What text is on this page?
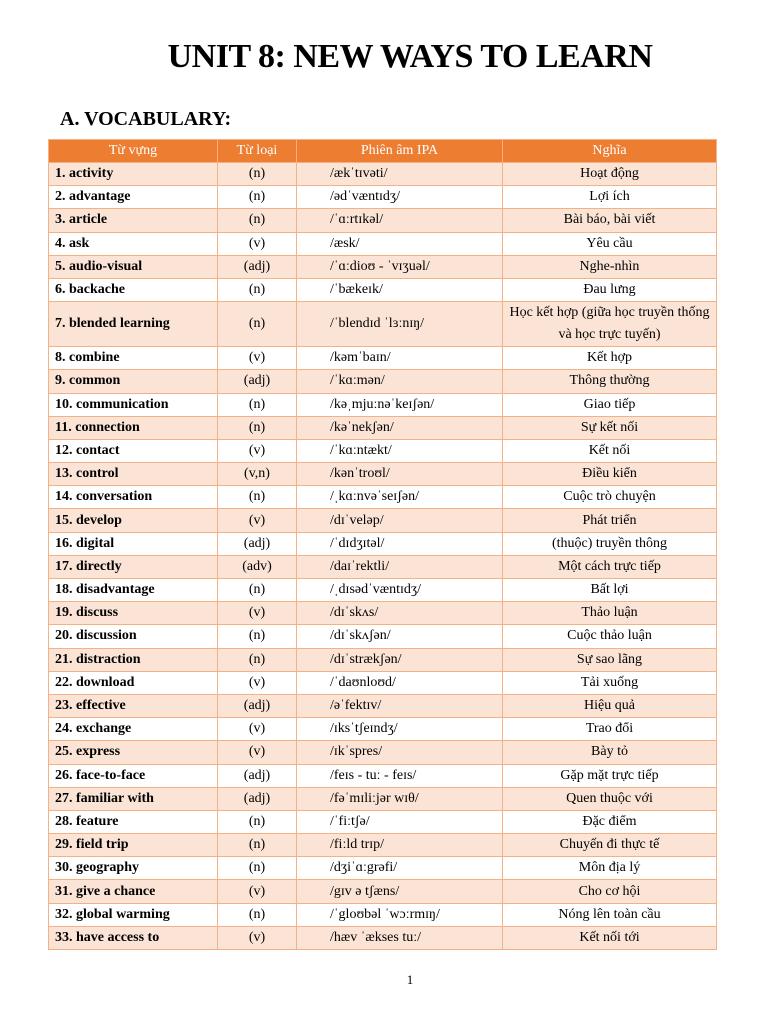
UNIT 8: NEW WAYS TO LEARN
A. VOCABULARY:
Từ vựng	Từ loại	Phiên âm IPA	Nghĩa
1. activity	(n)	/ækˈtɪvəti/	Hoạt động
2. advantage	(n)	/ədˈvæntɪdʒ/	Lợi ích
3. article	(n)	/ˈɑːrtɪkəl/	Bài báo, bài viết
4. ask	(v)	/æsk/	Yêu cầu
5. audio-visual	(adj)	/ˈɑːdioʊ - ˈvɪʒuəl/	Nghe-nhìn
6. backache	(n)	/ˈbækeɪk/	Đau lưng
7. blended learning	(n)	/ˈblendɪd ˈlɜːnɪŋ/	Học kết hợp (giữa học truyền thống và học trực tuyến)
8. combine	(v)	/kəmˈbaɪn/	Kết hợp
9. common	(adj)	/ˈkɑːmən/	Thông thường
10. communication	(n)	/kəˌmjuːnəˈkeɪʃən/	Giao tiếp
11. connection	(n)	/kəˈnekʃən/	Sự kết nối
12. contact	(v)	/ˈkɑːntækt/	Kết nối
13. control	(v,n)	/kənˈtroʊl/	Điều kiển
14. conversation	(n)	/ˌkɑːnvəˈseɪʃən/	Cuộc trò chuyện
15. develop	(v)	/dɪˈveləp/	Phát triển
16. digital	(adj)	/ˈdɪdʒɪtəl/	(thuộc) truyền thông
17. directly	(adv)	/daɪˈrektli/	Một cách trực tiếp
18. disadvantage	(n)	/ˌdɪsədˈvæntɪdʒ/	Bất lợi
19. discuss	(v)	/dɪˈskʌs/	Thảo luận
20. discussion	(n)	/dɪˈskʌʃən/	Cuộc thảo luận
21. distraction	(n)	/dɪˈstrækʃən/	Sự sao lãng
22. download	(v)	/ˈdaʊnloʊd/	Tải xuống
23. effective	(adj)	/əˈfektɪv/	Hiệu quả
24. exchange	(v)	/ɪksˈtʃeɪndʒ/	Trao đổi
25. express	(v)	/ɪkˈspres/	Bày tỏ
26. face-to-face	(adj)	/feɪs - tuː - feɪs/	Gặp mặt trực tiếp
27. familiar with	(adj)	/fəˈmɪliːjər wɪθ/	Quen thuộc với
28. feature	(n)	/ˈfiːtʃə/	Đặc điểm
29. field trip	(n)	/fiːld trɪp/	Chuyến đi thực tế
30. geography	(n)	/dʒiˈɑːgrəfi/	Môn địa lý
31. give a chance	(v)	/gɪv ə tʃæns/	Cho cơ hội
32. global warming	(n)	/ˈgloʊbəl ˈwɔːrmɪŋ/	Nóng lên toàn cầu
33. have access to	(v)	/hæv ˈækses tuː/	Kết nối tới
1
